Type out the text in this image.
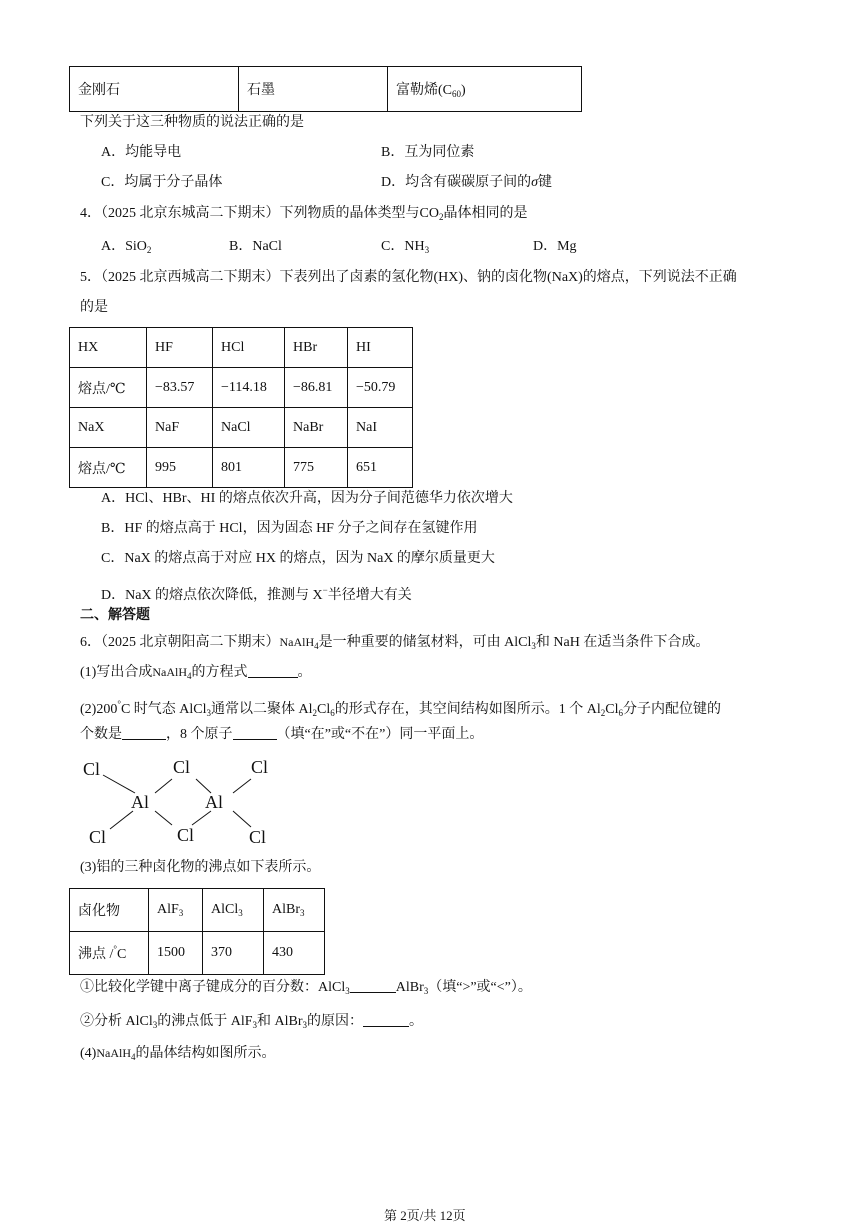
金刚石	石墨	富勒烯$(C_{60})$
下列关于这三种物质的说法正确的是
A．均能导电	B．互为同位素
C．均属于分子晶体	D．均含有碳碳原子间的σ键
4．（2025 北京东城高二下期末）下列物质的晶体类型与$CO_2$晶体相同的是
A．SiO$_2$	B．NaCl	C．$NH_3$	D．Mg
5．（2025 北京西城高二下期末）下表列出了卤素的氢化物(HX)、钠的卤化物(NaX)的熔点，下列说法不正确
的是
HX	HF	HCl	HBr	HI
熔点/℃	−83.57	−114.18	−86.81	−50.79
NaX	NaF	NaCl	NaBr	NaI
熔点/℃	995	801	775	651
A．HCl、HBr、HI 的熔点依次升高，因为分子间范德华力依次增大
B．HF 的熔点高于 HCl，因为固态 HF 分子之间存在氢键作用
C．NaX 的熔点高于对应 HX 的熔点，因为 NaX 的摩尔质量更大
D．NaX 的熔点依次降低，推测与 X−半径增大有关
二、解答题
6．（2025 北京朝阳高二下期末）NaAlH$_4$是一种重要的储氢材料，可由 AlCl$_3$和 NaH 在适当条件下合成。
(1)写出合成NaAlH$_4$的方程式	。
(2)200°C 时气态 AlCl$_3$通常以二聚体 $Al_2Cl_6$的形式存在，其空间结构如图所示。1 个 $Al_2Cl_6$分子内配位键的
个数是	，8 个原子	（填“在”或“不在”）同一平面上。
Cl	Cl	Cl
Al	Al
Cl	Cl	Cl
(3)铝的三种卤化物的沸点如下表所示。
卤化物	AlF$_3$	AlCl$_3$	AlBr$_3$
沸点 /°C	1500	370	430
①比较化学键中离子键成分的百分数：AlCl$_3$	AlBr$_3$（填“>”或“<”）。
②分析 AlCl$_3$的沸点低于 AlF$_3$和 AlBr$_3$的原因：	。
(4)NaAlH$_4$的晶体结构如图所示。
第 2页/共 12页
